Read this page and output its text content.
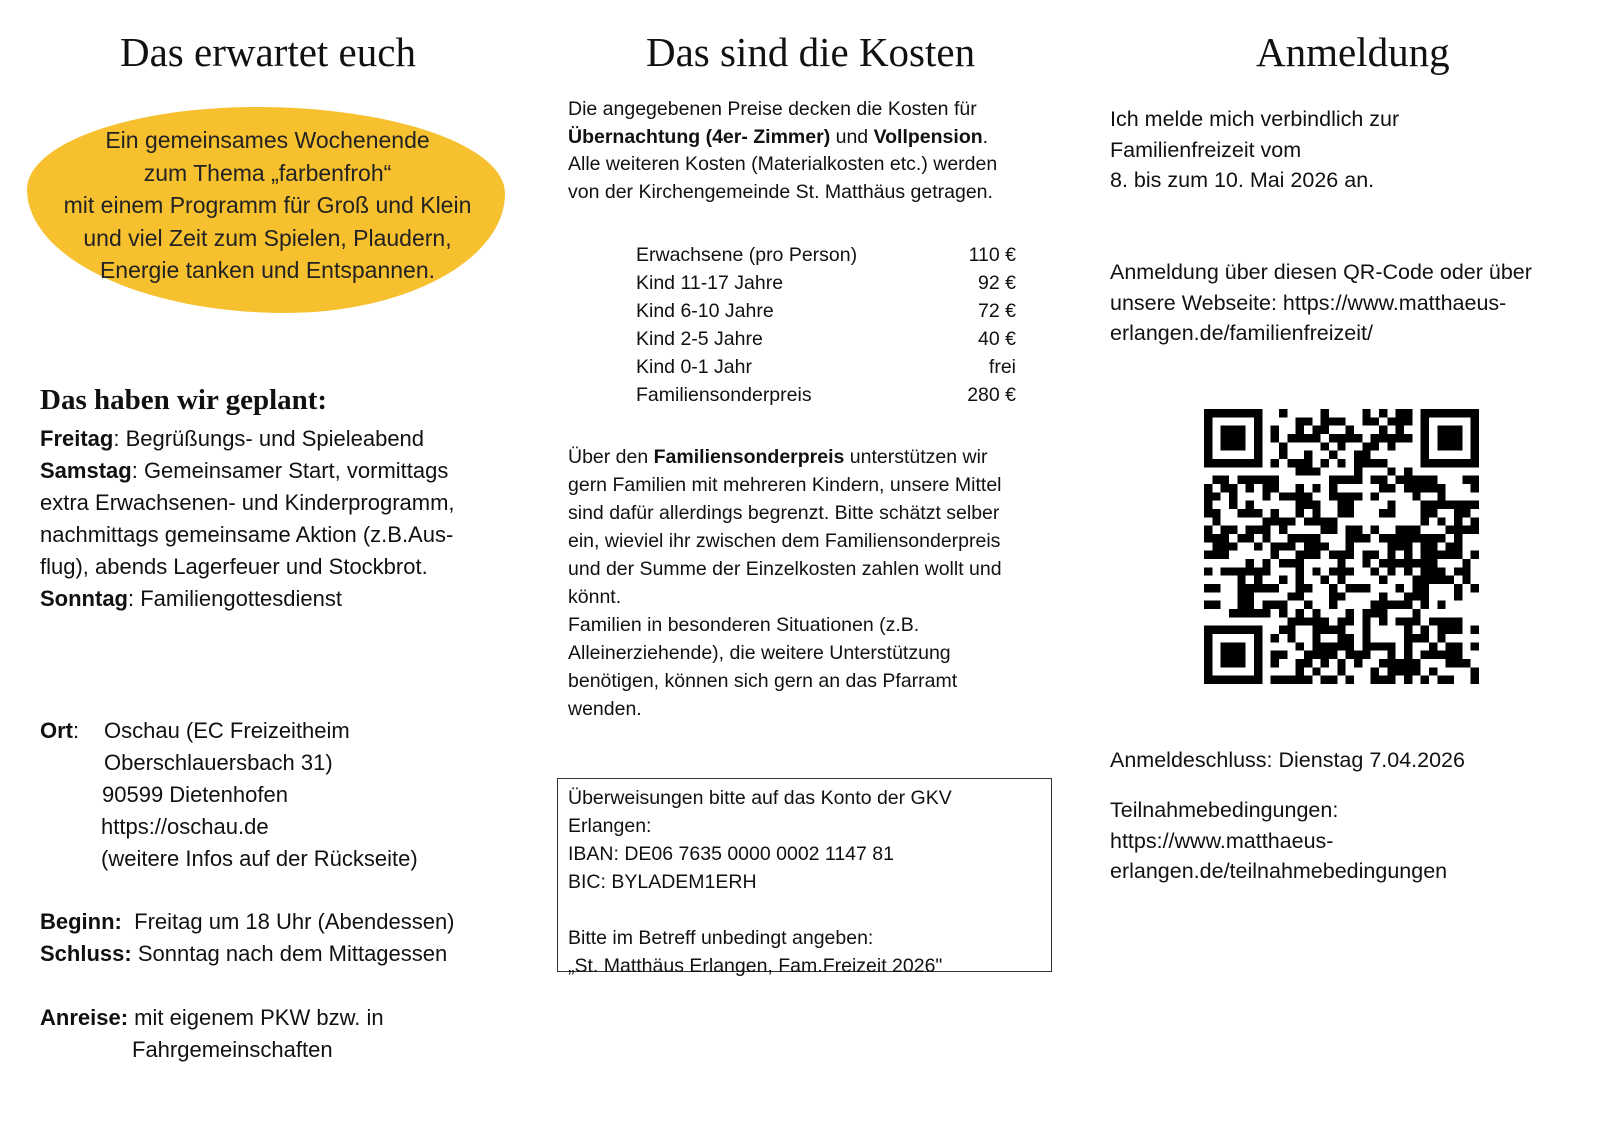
Das erwartet euch	Das sind die Kosten	Anmeldung
Ein gemeinsames Wochenende
zum Thema „farbenfroh“
mit einem Programm für Groß und Klein
und viel Zeit zum Spielen, Plaudern,
Energie tanken und Entspannen.
Das haben wir geplant:
Freitag: Begrüßungs- und Spieleabend
Samstag: Gemeinsamer Start, vormittags
extra Erwachsenen- und Kinderprogramm,
nachmittags gemeinsame Aktion (z.B.Aus-
flug), abends Lagerfeuer und Stockbrot.
Sonntag: Familiengottesdienst
Ort: Oschau (EC Freizeitheim
Oberschlauersbach 31)
90599 Dietenhofen
https://oschau.de
(weitere Infos auf der Rückseite)
Beginn: Freitag um 18 Uhr (Abendessen)
Schluss: Sonntag nach dem Mittagessen
Anreise: mit eigenem PKW bzw. in
Fahrgemeinschaften
Die angegebenen Preise decken die Kosten für
Übernachtung (4er- Zimmer) und Vollpension.
Alle weiteren Kosten (Materialkosten etc.) werden
von der Kirchengemeinde St. Matthäus getragen.
Erwachsene (pro Person)	110 €
Kind 11-17 Jahre	92 €
Kind 6-10 Jahre	72 €
Kind 2-5 Jahre	40 €
Kind 0-1 Jahr	frei
Familiensonderpreis	280 €
Über den Familiensonderpreis unterstützen wir
gern Familien mit mehreren Kindern, unsere Mittel
sind dafür allerdings begrenzt. Bitte schätzt selber
ein, wieviel ihr zwischen dem Familiensonderpreis
und der Summe der Einzelkosten zahlen wollt und
könnt.
Familien in besonderen Situationen (z.B.
Alleinerziehende), die weitere Unterstützung
benötigen, können sich gern an das Pfarramt
wenden.
Überweisungen bitte auf das Konto der GKV
Erlangen:
IBAN: DE06 7635 0000 0002 1147 81
BIC: BYLADEM1ERH
Bitte im Betreff unbedingt angeben:
„St. Matthäus Erlangen, Fam.Freizeit 2026"
Ich melde mich verbindlich zur
Familienfreizeit vom
8. bis zum 10. Mai 2026 an.
Anmeldung über diesen QR-Code oder über
unsere Webseite: https://www.matthaeus-
erlangen.de/familienfreizeit/
Anmeldeschluss: Dienstag 7.04.2026
Teilnahmebedingungen:
https://www.matthaeus-
erlangen.de/teilnahmebedingungen
